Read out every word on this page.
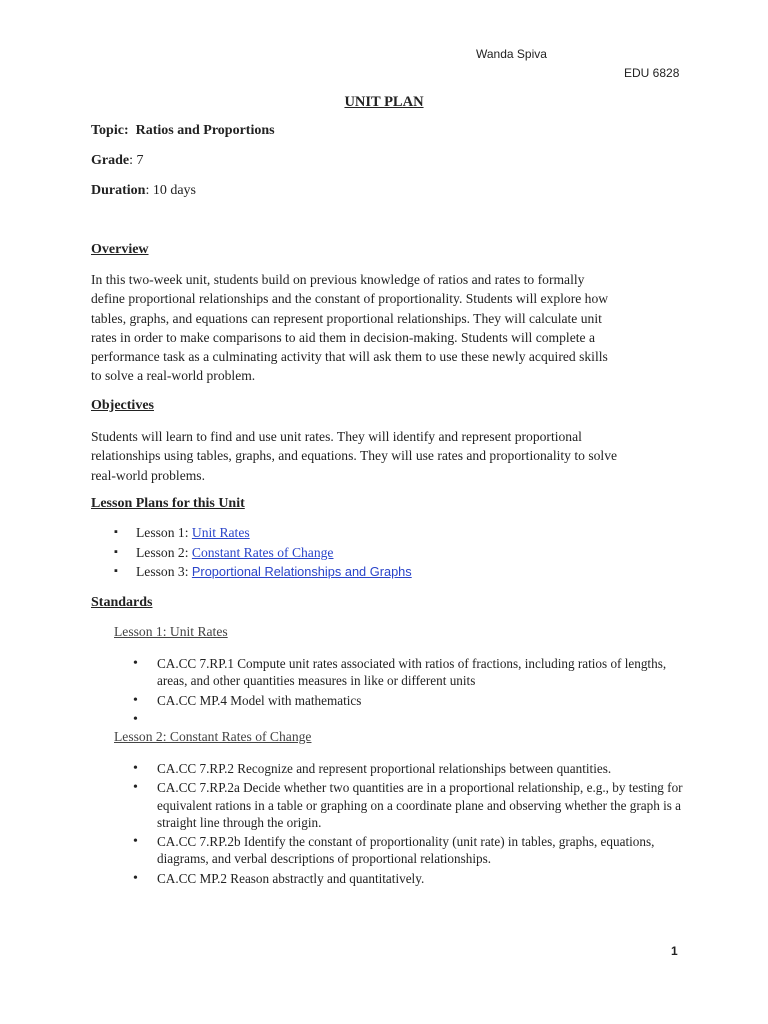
Wanda Spiva
EDU 6828
UNIT PLAN
Topic: Ratios and Proportions
Grade: 7
Duration: 10 days
Overview
In this two-week unit, students build on previous knowledge of ratios and rates to formally
define proportional relationships and the constant of proportionality. Students will explore how
tables, graphs, and equations can represent proportional relationships. They will calculate unit
rates in order to make comparisons to aid them in decision-making. Students will complete a
performance task as a culminating activity that will ask them to use these newly acquired skills
to solve a real-world problem.
Objectives
Students will learn to find and use unit rates. They will identify and represent proportional
relationships using tables, graphs, and equations. They will use rates and proportionality to solve
real-world problems.
Lesson Plans for this Unit
▪ Lesson 1: Unit Rates
▪ Lesson 2: Constant Rates of Change
▪ Lesson 3: Proportional Relationships and Graphs
Standards
Lesson 1: Unit Rates
• CA.CC 7.RP.1 Compute unit rates associated with ratios of fractions, including ratios of lengths, areas, and other quantities measures in like or different units
• CA.CC MP.4 Model with mathematics
•
Lesson 2: Constant Rates of Change
• CA.CC 7.RP.2 Recognize and represent proportional relationships between quantities.
• CA.CC 7.RP.2a Decide whether two quantities are in a proportional relationship, e.g., by testing for equivalent rations in a table or graphing on a coordinate plane and observing whether the graph is a straight line through the origin.
• CA.CC 7.RP.2b Identify the constant of proportionality (unit rate) in tables, graphs, equations, diagrams, and verbal descriptions of proportional relationships.
• CA.CC MP.2 Reason abstractly and quantitatively.
1
